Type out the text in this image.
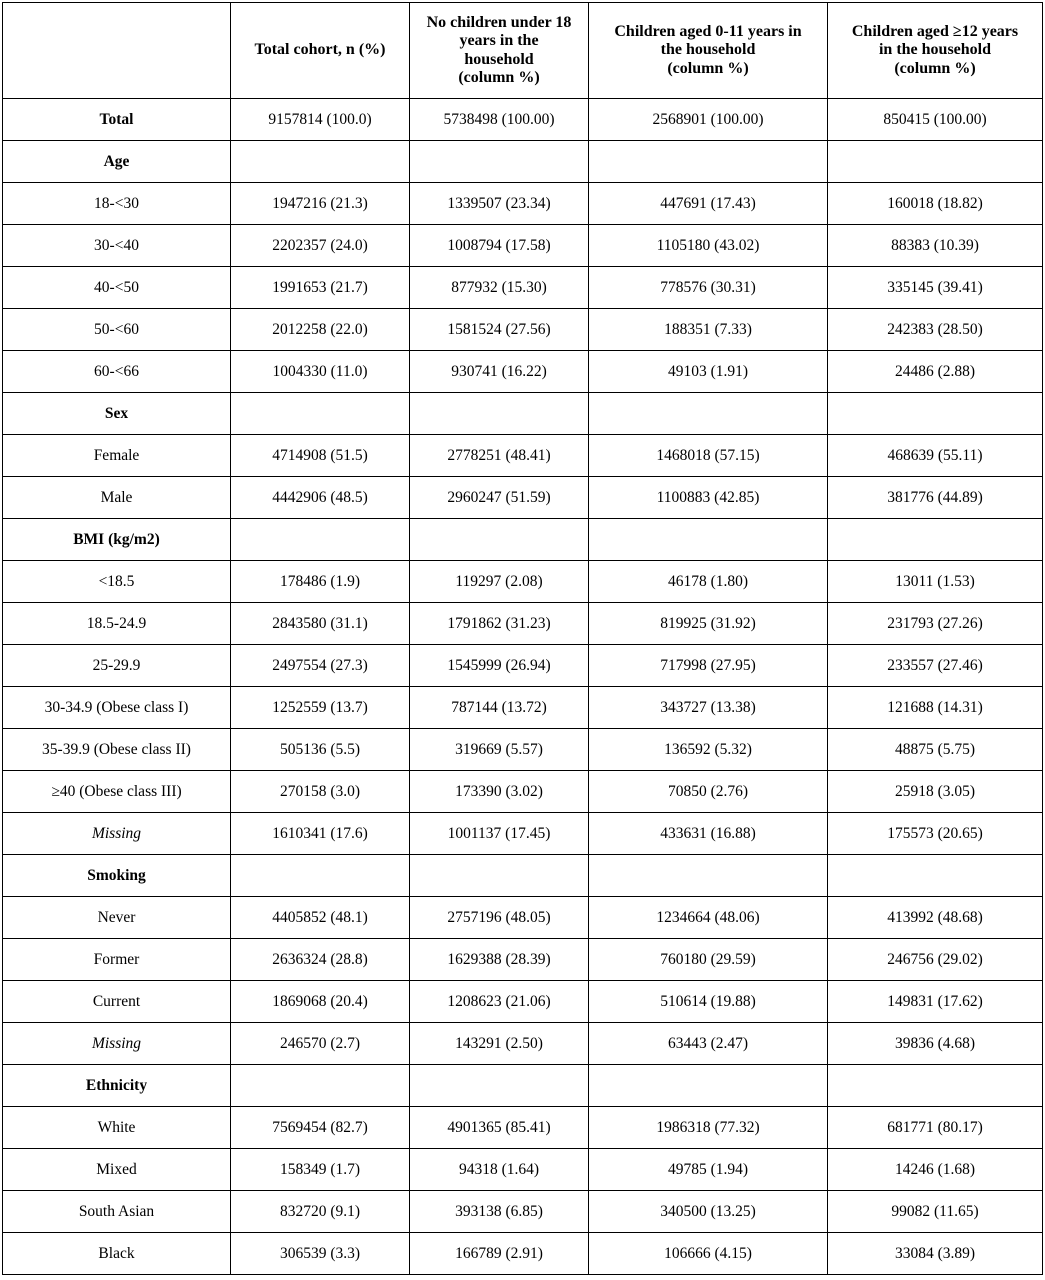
	Total cohort, n (%)	No children under 18
years in the
household
(column %)	Children aged 0-11 years in
the household
(column %)	Children aged ≥12 years
in the household
(column %)

Total	9157814 (100.0)	5738498 (100.00)	2568901 (100.00)	850415 (100.00)
Age				
18-<30	1947216 (21.3)	1339507 (23.34)	447691 (17.43)	160018 (18.82)
30-<40	2202357 (24.0)	1008794 (17.58)	1105180 (43.02)	88383 (10.39)
40-<50	1991653 (21.7)	877932 (15.30)	778576 (30.31)	335145 (39.41)
50-<60	2012258 (22.0)	1581524 (27.56)	188351 (7.33)	242383 (28.50)
60-<66	1004330 (11.0)	930741 (16.22)	49103 (1.91)	24486 (2.88)
Sex				
Female	4714908 (51.5)	2778251 (48.41)	1468018 (57.15)	468639 (55.11)
Male	4442906 (48.5)	2960247 (51.59)	1100883 (42.85)	381776 (44.89)
BMI (kg/m2)				
<18.5	178486 (1.9)	119297 (2.08)	46178 (1.80)	13011 (1.53)
18.5-24.9	2843580 (31.1)	1791862 (31.23)	819925 (31.92)	231793 (27.26)
25-29.9	2497554 (27.3)	1545999 (26.94)	717998 (27.95)	233557 (27.46)
30-34.9 (Obese class I)	1252559 (13.7)	787144 (13.72)	343727 (13.38)	121688 (14.31)
35-39.9 (Obese class II)	505136 (5.5)	319669 (5.57)	136592 (5.32)	48875 (5.75)
≥40 (Obese class III)	270158 (3.0)	173390 (3.02)	70850 (2.76)	25918 (3.05)
Missing	1610341 (17.6)	1001137 (17.45)	433631 (16.88)	175573 (20.65)
Smoking				
Never	4405852 (48.1)	2757196 (48.05)	1234664 (48.06)	413992 (48.68)
Former	2636324 (28.8)	1629388 (28.39)	760180 (29.59)	246756 (29.02)
Current	1869068 (20.4)	1208623 (21.06)	510614 (19.88)	149831 (17.62)
Missing	246570 (2.7)	143291 (2.50)	63443 (2.47)	39836 (4.68)
Ethnicity				
White	7569454 (82.7)	4901365 (85.41)	1986318 (77.32)	681771 (80.17)
Mixed	158349 (1.7)	94318 (1.64)	49785 (1.94)	14246 (1.68)
South Asian	832720 (9.1)	393138 (6.85)	340500 (13.25)	99082 (11.65)
Black	306539 (3.3)	166789 (2.91)	106666 (4.15)	33084 (3.89)
